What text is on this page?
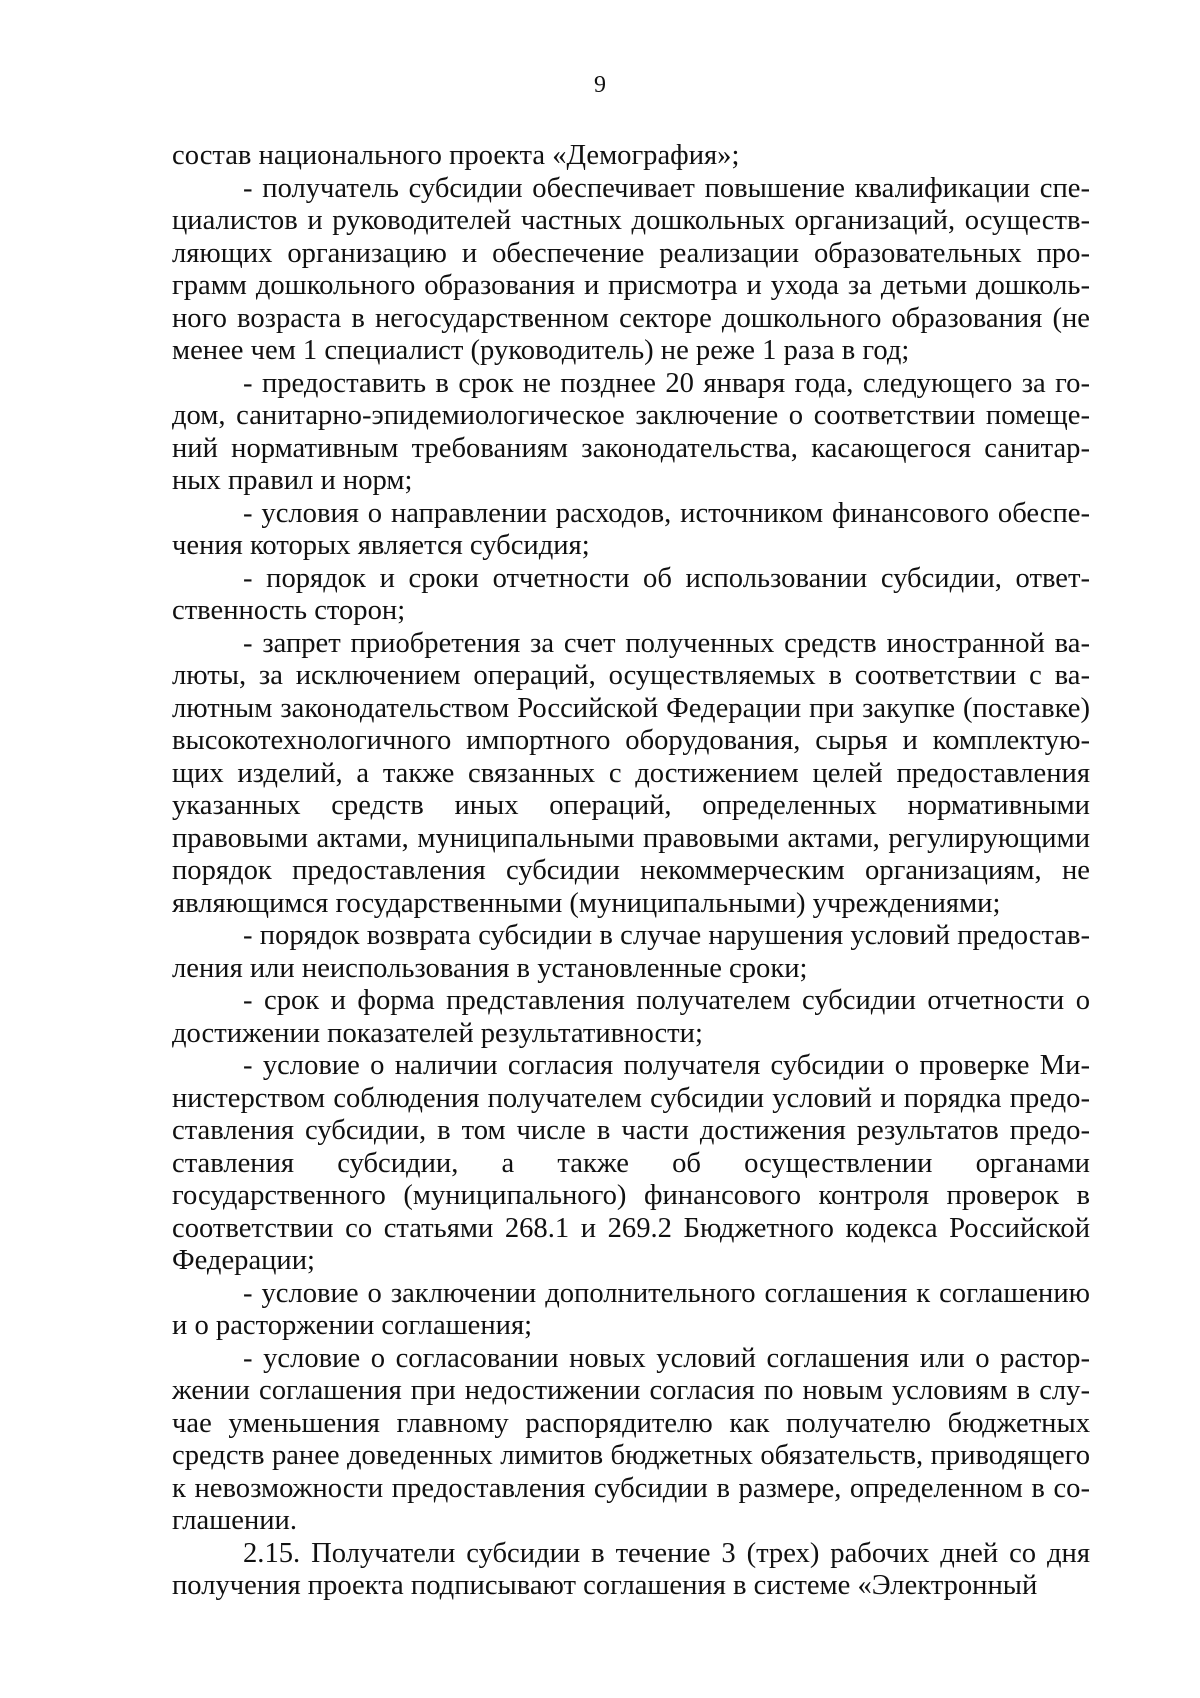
9

состав национального проекта «Демография»;

- получатель субсидии обеспечивает повышение квалификации специалистов и руководителей частных дошкольных организаций, осуществляющих организацию и обеспечение реализации образовательных программ дошкольного образования и присмотра и ухода за детьми дошкольного возраста в негосударственном секторе дошкольного образования (не менее чем 1 специалист (руководитель) не реже 1 раза в год;

- предоставить в срок не позднее 20 января года, следующего за годом, санитарно-эпидемиологическое заключение о соответствии помещений нормативным требованиям законодательства, касающегося санитарных правил и норм;

- условия о направлении расходов, источником финансового обеспечения которых является субсидия;

- порядок и сроки отчетности об использовании субсидии, ответственность сторон;

- запрет приобретения за счет полученных средств иностранной валюты, за исключением операций, осуществляемых в соответствии с валютным законодательством Российской Федерации при закупке (поставке) высокотехнологичного импортного оборудования, сырья и комплектующих изделий, а также связанных с достижением целей предоставления указанных средств иных операций, определенных нормативными правовыми актами, муниципальными правовыми актами, регулирующими порядок предоставления субсидии некоммерческим организациям, не являющимся государственными (муниципальными) учреждениями;

- порядок возврата субсидии в случае нарушения условий предоставления или неиспользования в установленные сроки;

- срок и форма представления получателем субсидии отчетности о достижении показателей результативности;

- условие о наличии согласия получателя субсидии о проверке Министерством соблюдения получателем субсидии условий и порядка предоставления субсидии, в том числе в части достижения результатов предоставления субсидии, а также об осуществлении органами государственного (муниципального) финансового контроля проверок в соответствии со статьями 268.1 и 269.2 Бюджетного кодекса Российской Федерации;

- условие о заключении дополнительного соглашения к соглашению и о расторжении соглашения;

- условие о согласовании новых условий соглашения или о расторжении соглашения при недостижении согласия по новым условиям в случае уменьшения главному распорядителю как получателю бюджетных средств ранее доведенных лимитов бюджетных обязательств, приводящего к невозможности предоставления субсидии в размере, определенном в соглашении.

2.15. Получатели субсидии в течение 3 (трех) рабочих дней со дня получения проекта подписывают соглашения в системе «Электронный
